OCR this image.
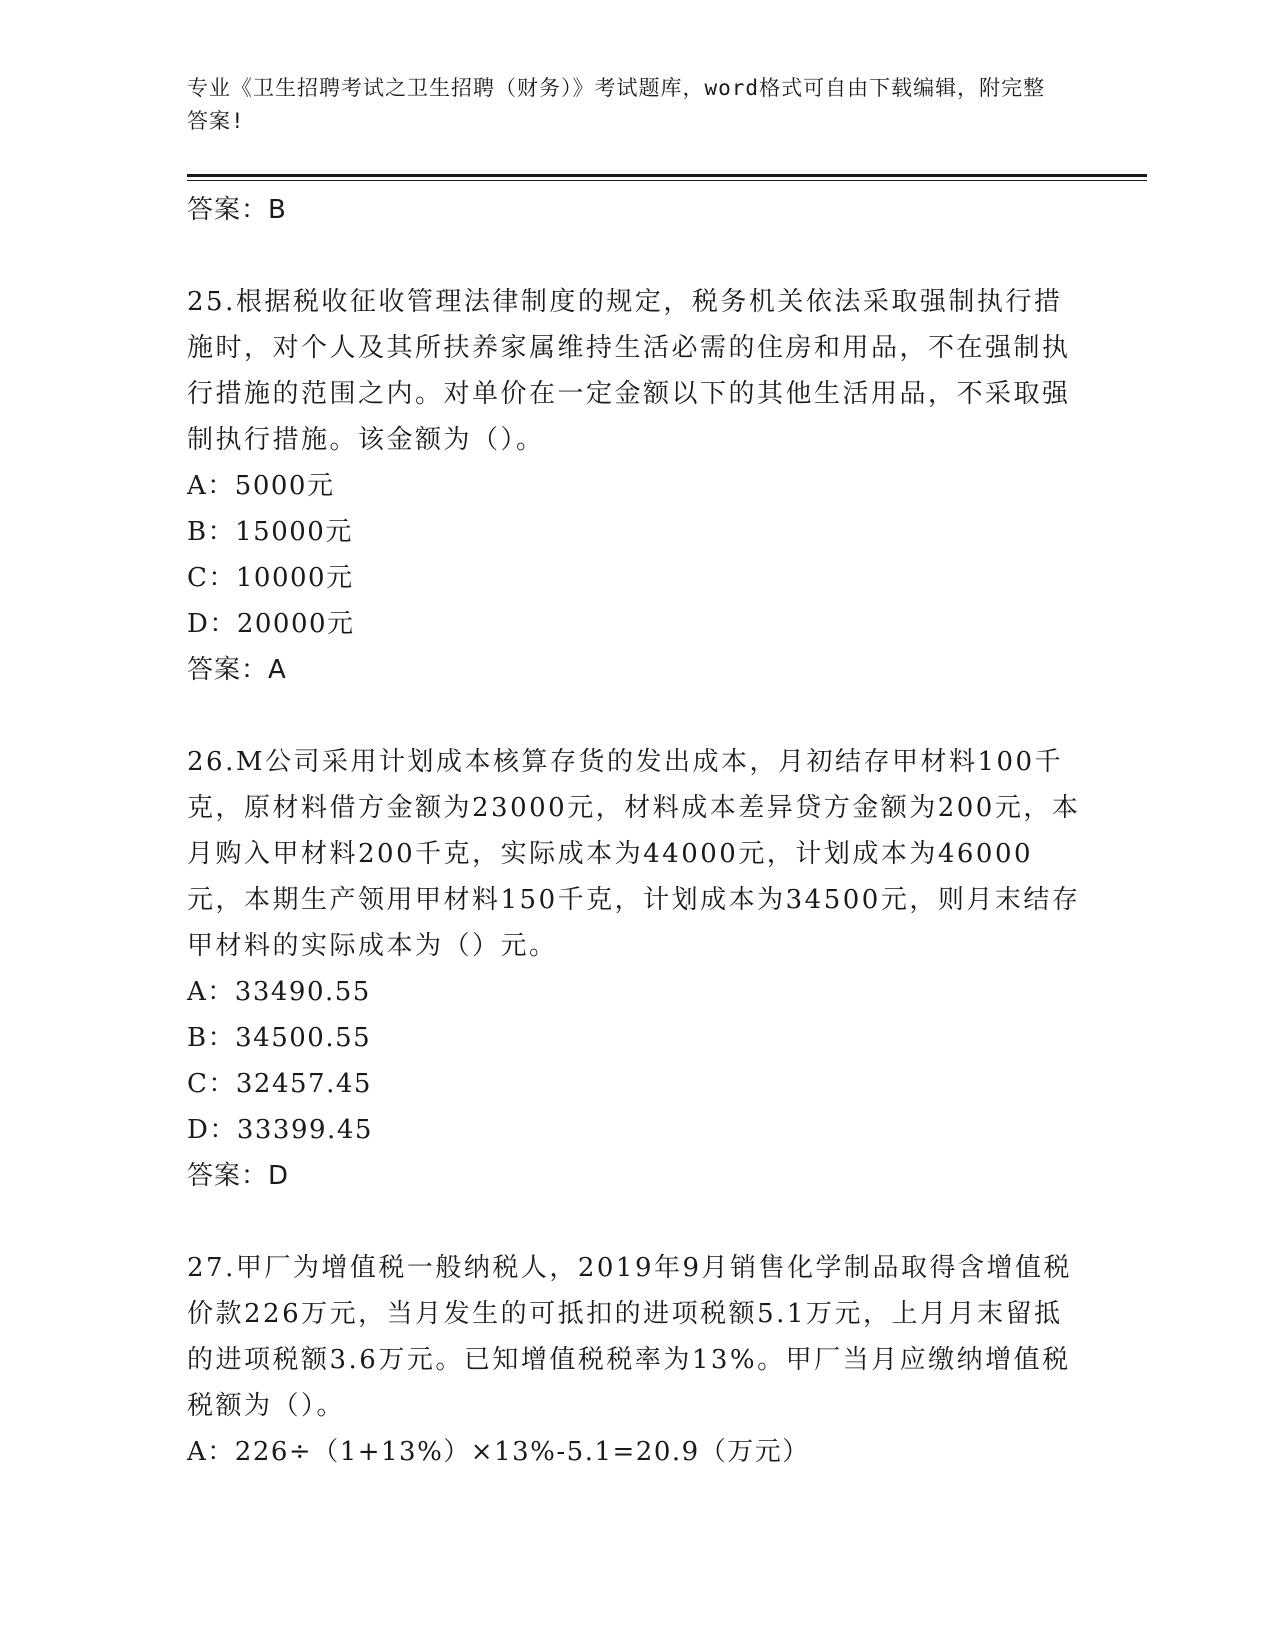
专业《卫生招聘考试之卫生招聘（财务）》考试题库，word格式可自由下载编辑，附完整答案!
答案：B
25.根据税收征收管理法律制度的规定，税务机关依法采取强制执行措施时，对个人及其所扶养家属维持生活必需的住房和用品，不在强制执行措施的范围之内。对单价在一定金额以下的其他生活用品，不采取强制执行措施。该金额为（）。
A：5000元
B：15000元
C：10000元
D：20000元
答案：A
26.M公司采用计划成本核算存货的发出成本，月初结存甲材料100千克，原材料借方金额为23000元，材料成本差异贷方金额为200元，本月购入甲材料200千克，实际成本为44000元，计划成本为46000元，本期生产领用甲材料150千克，计划成本为34500元，则月末结存甲材料的实际成本为（）元。
A：33490.55
B：34500.55
C：32457.45
D：33399.45
答案：D
27.甲厂为增值税一般纳税人，2019年9月销售化学制品取得含增值税价款226万元，当月发生的可抵扣的进项税额5.1万元，上月月末留抵的进项税额3.6万元。已知增值税税率为13%。甲厂当月应缴纳增值税税额为（）。
A：226÷（1+13%）×13%-5.1=20.9（万元）
